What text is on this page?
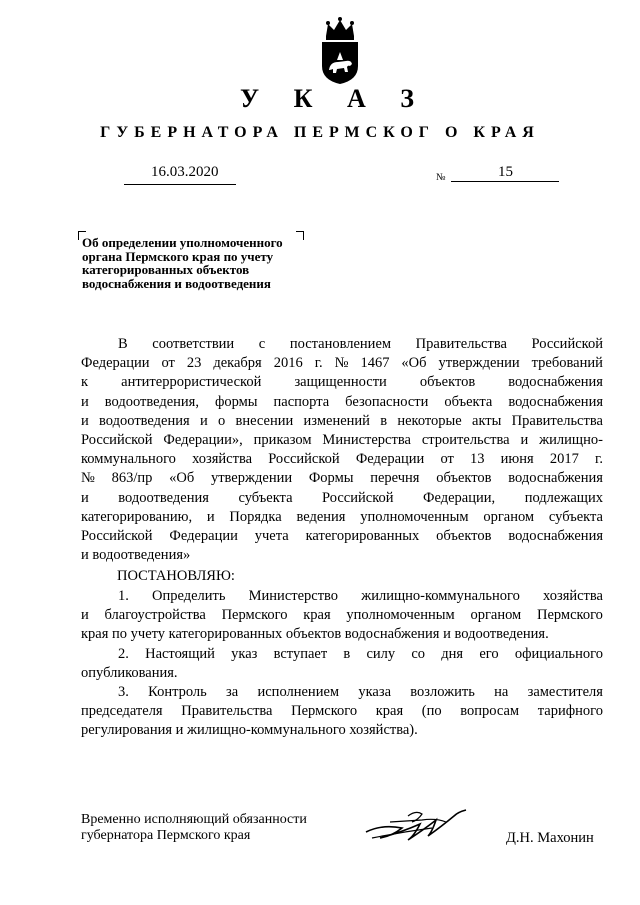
У К А З
ГУБЕРНАТОРА ПЕРМСКОГ О КРАЯ
16.03.2020	№	15
Об определении уполномоченного
органа Пермского края по учету
категорированных объектов
водоснабжения и водоотведения
В соответствии с постановлением Правительства Российской
Федерации от 23 декабря 2016 г. № 1467 «Об утверждении требований
к антитеррористической защищенности объектов водоснабжения
и водоотведения, формы паспорта безопасности объекта водоснабжения
и водоотведения и о внесении изменений в некоторые акты Правительства
Российской Федерации», приказом Министерства строительства и жилищно-
коммунального хозяйства Российской Федерации от 13 июня 2017 г.
№ 863/пр «Об утверждении Формы перечня объектов водоснабжения
и водоотведения субъекта Российской Федерации, подлежащих
категорированию, и Порядка ведения уполномоченным органом субъекта
Российской Федерации учета категорированных объектов водоснабжения
и водоотведения»
ПОСТАНОВЛЯЮ:
1. Определить Министерство жилищно-коммунального хозяйства
и благоустройства Пермского края уполномоченным органом Пермского
края по учету категорированных объектов водоснабжения и водоотведения.
2. Настоящий указ вступает в силу со дня его официального
опубликования.
3. Контроль за исполнением указа возложить на заместителя
председателя Правительства Пермского края (по вопросам тарифного
регулирования и жилищно-коммунального хозяйства).
Временно исполняющий обязанности
губернатора Пермского края	Д.Н. Махонин
